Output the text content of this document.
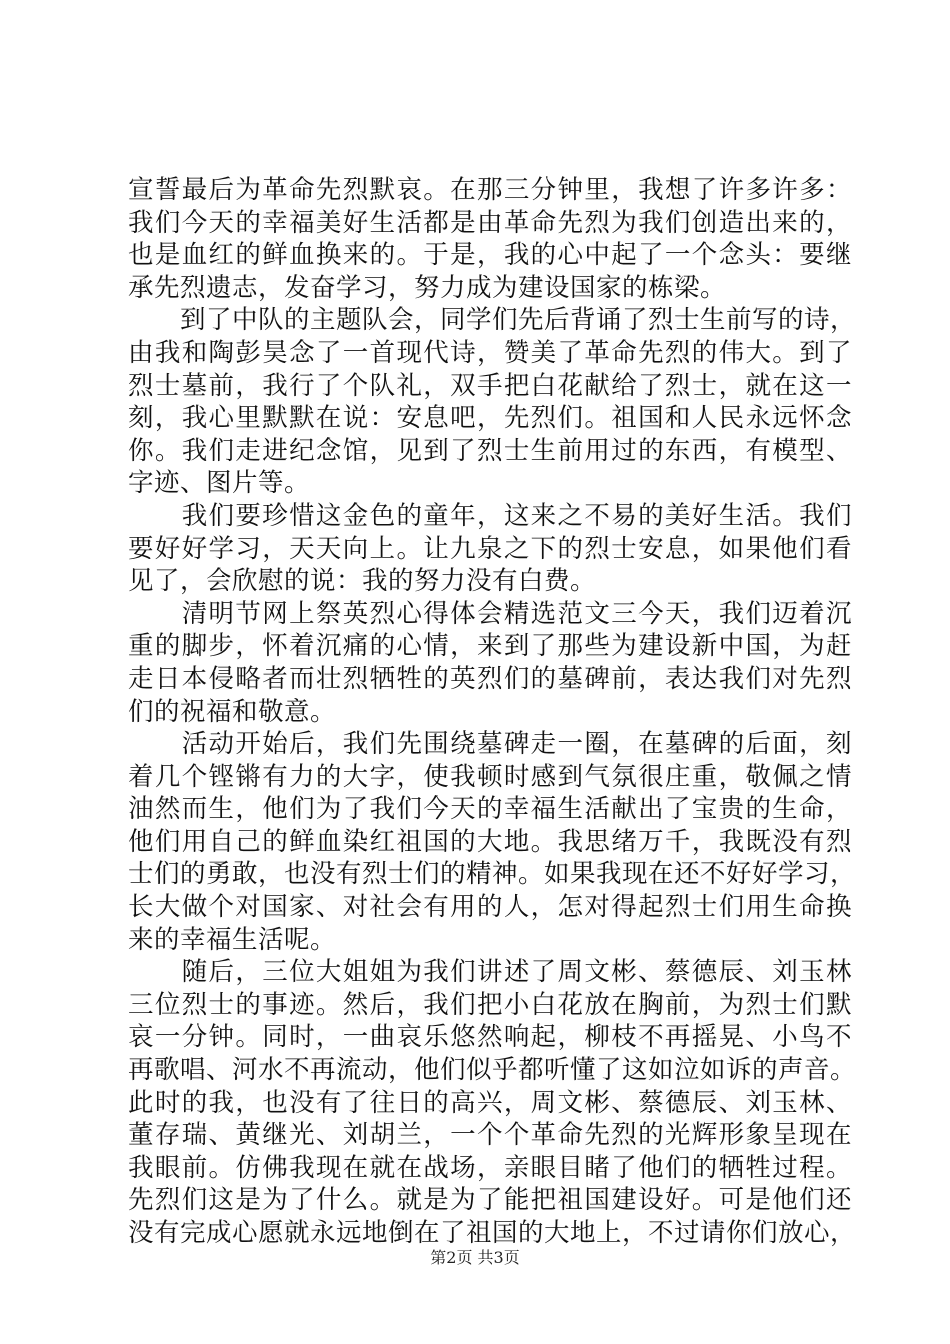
宣誓最后为革命先烈默哀。在那三分钟里，我想了许多许多：
我们今天的幸福美好生活都是由革命先烈为我们创造出来的，
也是血红的鲜血换来的。于是，我的心中起了一个念头：要继
承先烈遗志，发奋学习，努力成为建设国家的栋梁。
　　到了中队的主题队会，同学们先后背诵了烈士生前写的诗，
由我和陶彭昊念了一首现代诗，赞美了革命先烈的伟大。到了
烈士墓前，我行了个队礼，双手把白花献给了烈士，就在这一
刻，我心里默默在说：安息吧，先烈们。祖国和人民永远怀念
你。我们走进纪念馆，见到了烈士生前用过的东西，有模型、
字迹、图片等。
　　我们要珍惜这金色的童年，这来之不易的美好生活。我们
要好好学习，天天向上。让九泉之下的烈士安息，如果他们看
见了，会欣慰的说：我的努力没有白费。
　　清明节网上祭英烈心得体会精选范文三今天，我们迈着沉
重的脚步，怀着沉痛的心情，来到了那些为建设新中国，为赶
走日本侵略者而壮烈牺牲的英烈们的墓碑前，表达我们对先烈
们的祝福和敬意。
　　活动开始后，我们先围绕墓碑走一圈，在墓碑的后面，刻
着几个铿锵有力的大字，使我顿时感到气氛很庄重，敬佩之情
油然而生，他们为了我们今天的幸福生活献出了宝贵的生命，
他们用自己的鲜血染红祖国的大地。我思绪万千，我既没有烈
士们的勇敢，也没有烈士们的精神。如果我现在还不好好学习，
长大做个对国家、对社会有用的人，怎对得起烈士们用生命换
来的幸福生活呢。
　　随后，三位大姐姐为我们讲述了周文彬、蔡德辰、刘玉林
三位烈士的事迹。然后，我们把小白花放在胸前，为烈士们默
哀一分钟。同时，一曲哀乐悠然响起，柳枝不再摇晃、小鸟不
再歌唱、河水不再流动，他们似乎都听懂了这如泣如诉的声音。
此时的我，也没有了往日的高兴，周文彬、蔡德辰、刘玉林、
董存瑞、黄继光、刘胡兰，一个个革命先烈的光辉形象呈现在
我眼前。仿佛我现在就在战场，亲眼目睹了他们的牺牲过程。
先烈们这是为了什么。就是为了能把祖国建设好。可是他们还
没有完成心愿就永远地倒在了祖国的大地上，不过请你们放心，
第2页 共3页
